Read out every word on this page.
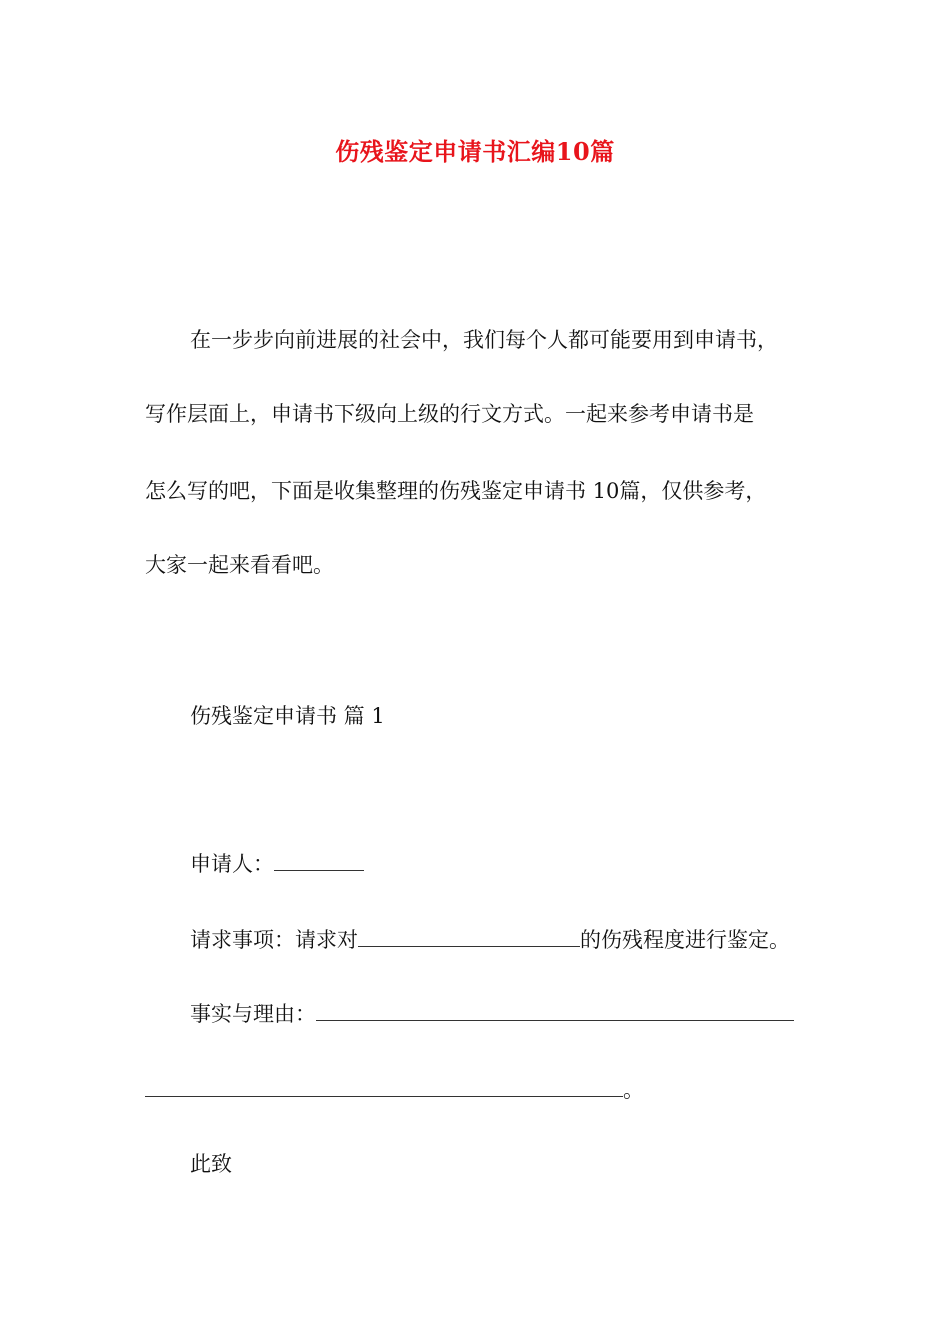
伤残鉴定申请书汇编10篇
在一步步向前进展的社会中，我们每个人都可能要用到申请书，
写作层面上，申请书下级向上级的行文方式。一起来参考申请书是
怎么写的吧，下面是收集整理的伤残鉴定申请书 10篇，仅供参考，
大家一起来看看吧。
伤残鉴定申请书 篇 1
申请人：
请求事项：请求对	的伤残程度进行鉴定。
事实与理由：
。
此致
